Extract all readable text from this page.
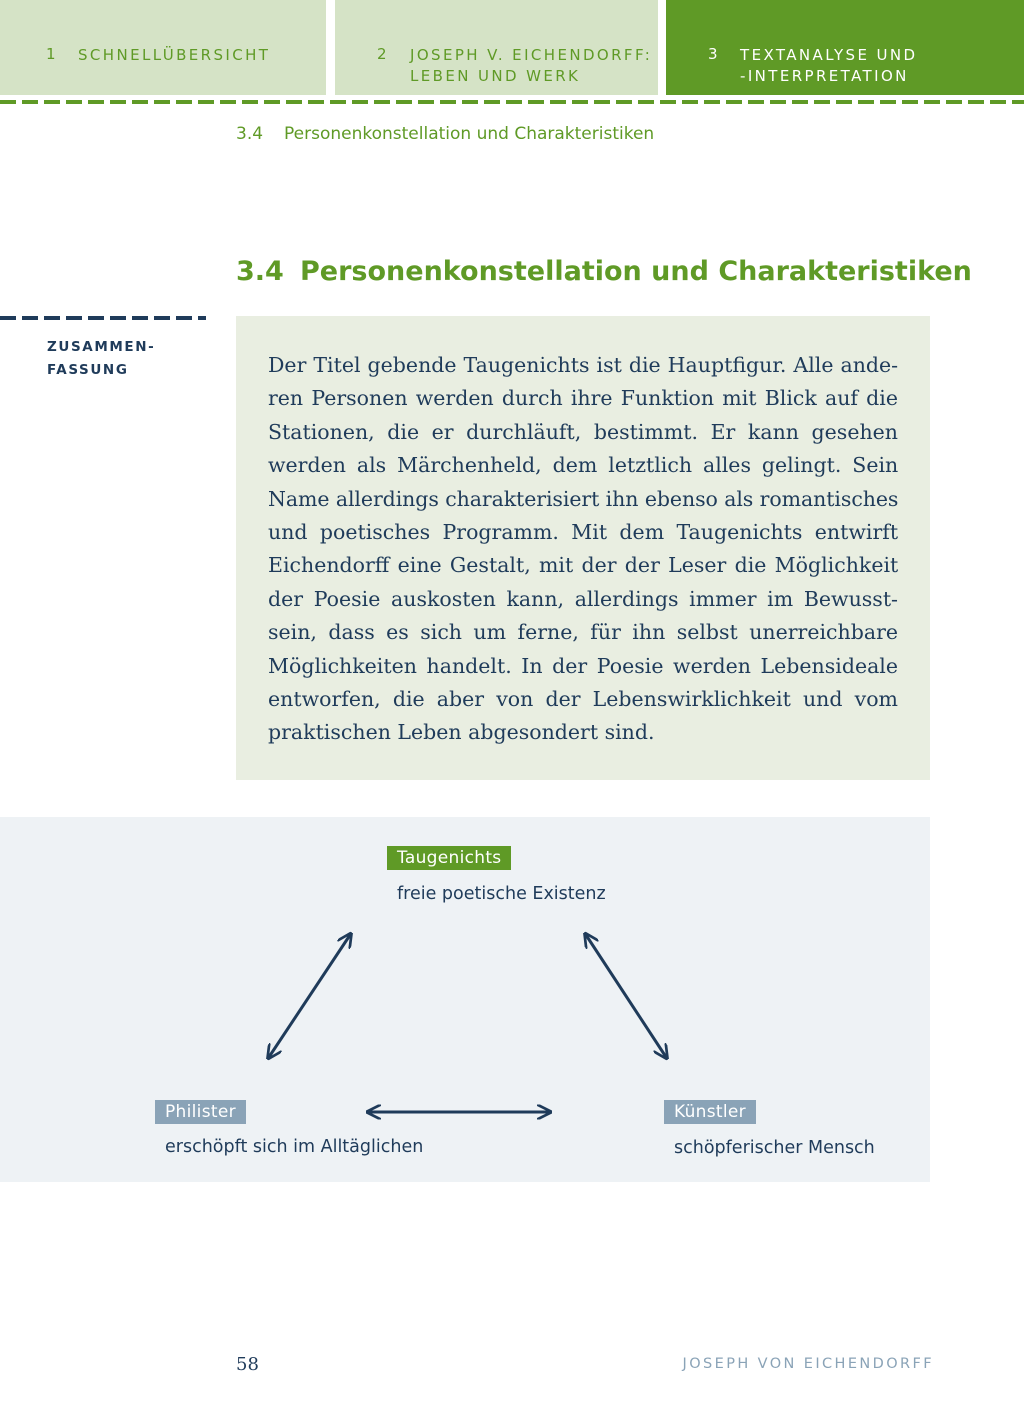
1 SCHNELLÜBERSICHT	2 JOSEPH V. EICHENDORFF:
LEBEN UND WERK
3 TEXTANALYSE UND
-INTERPRETATION
3.4 Personenkonstellation und Charakteristiken
3.4 Personenkonstellation und Charakteristiken
ZUSAMMEN-
FASSUNG	Der Titel gebende Taugenichts ist die Hauptfigur. Alle ande-
ren Personen werden durch ihre Funktion mit Blick auf die
Stationen, die er durchläuft, bestimmt. Er kann gesehen
werden als Märchenheld, dem letztlich alles gelingt. Sein
Name allerdings charakterisiert ihn ebenso als romantisches
und poetisches Programm. Mit dem Taugenichts entwirft
Eichendorff eine Gestalt, mit der der Leser die Möglichkeit
der Poesie auskosten kann, allerdings immer im Bewusst-
sein, dass es sich um ferne, für ihn selbst unerreichbare
Möglichkeiten handelt. In der Poesie werden Lebensideale
entworfen, die aber von der Lebenswirklichkeit und vom
praktischen Leben abgesondert sind.
Taugenichts
freie poetische Existenz
Philister
erschöpft sich im Alltäglichen
Künstler
schöpferischer Mensch
58	JOSEPH VON EICHENDORFF
